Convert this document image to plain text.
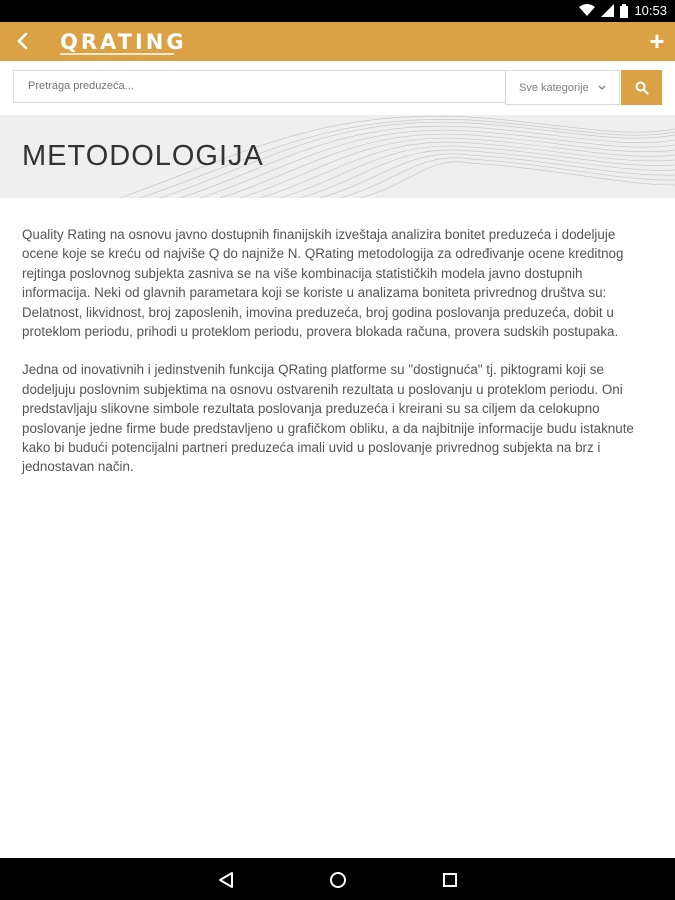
10:53
QRATING	+
Pretraga preduzeća...
Sve kategorije
METODOLOGIJA

Quality Rating na osnovu javno dostupnih finanijskih izveštaja analizira bonitet preduzeća i dodeljuje ocene koje se kreću od najviše Q do najniže N. QRating metodologija za određivanje ocene kreditnog rejtinga poslovnog subjekta zasniva se na više kombinacija statističkih modela javno dostupnih informacija. Neki od glavnih parametara koji se koriste u analizama boniteta privrednog društva su: Delatnost, likvidnost, broj zaposlenih, imovina preduzeća, broj godina poslovanja preduzeća, dobit u proteklom periodu, prihodi u proteklom periodu, provera blokada računa, provera sudskih postupaka.

Jedna od inovativnih i jedinstvenih funkcija QRating platforme su "dostignuća" tj. piktogrami koji se dodeljuju poslovnim subjektima na osnovu ostvarenih rezultata u poslovanju u proteklom periodu. Oni predstavljaju slikovne simbole rezultata poslovanja preduzeća i kreirani su sa ciljem da celokupno poslovanje jedne firme bude predstavljeno u grafičkom obliku, a da najbitnije informacije budu istaknute kako bi budući potencijalni partneri preduzeća imali uvid u poslovanje privrednog subjekta na brz i jednostavan način.
